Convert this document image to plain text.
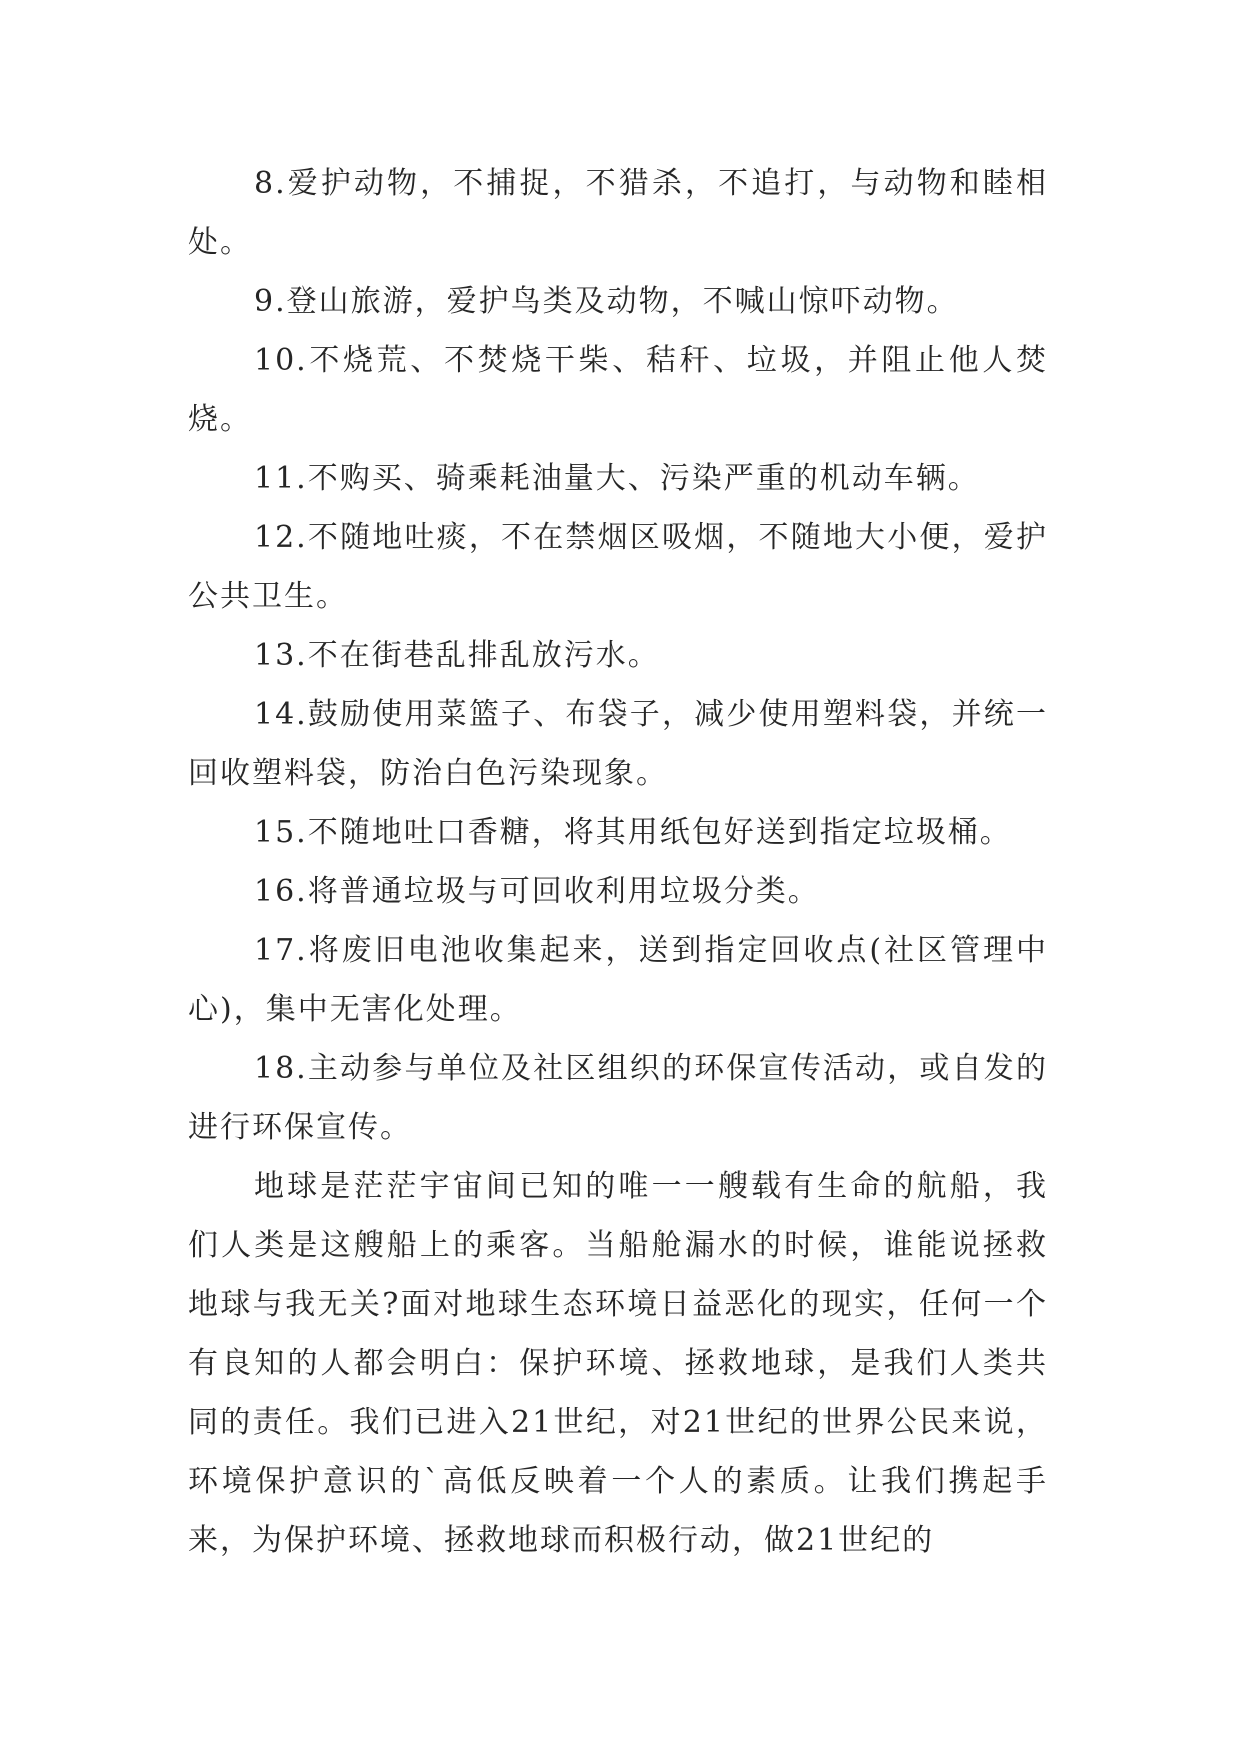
8.爱护动物，不捕捉，不猎杀，不追打，与动物和睦相处。

9.登山旅游，爱护鸟类及动物，不喊山惊吓动物。

10.不烧荒、不焚烧干柴、秸秆、垃圾，并阻止他人焚烧。

11.不购买、骑乘耗油量大、污染严重的机动车辆。

12.不随地吐痰，不在禁烟区吸烟，不随地大小便，爱护公共卫生。

13.不在街巷乱排乱放污水。

14.鼓励使用菜篮子、布袋子，减少使用塑料袋，并统一回收塑料袋，防治白色污染现象。

15.不随地吐口香糖，将其用纸包好送到指定垃圾桶。

16.将普通垃圾与可回收利用垃圾分类。

17.将废旧电池收集起来，送到指定回收点(社区管理中心)，集中无害化处理。

18.主动参与单位及社区组织的环保宣传活动，或自发的进行环保宣传。

地球是茫茫宇宙间已知的唯一一艘载有生命的航船，我们人类是这艘船上的乘客。当船舱漏水的时候，谁能说拯救地球与我无关?面对地球生态环境日益恶化的现实，任何一个有良知的人都会明白：保护环境、拯救地球，是我们人类共同的责任。我们已进入21世纪，对21世纪的世界公民来说，环境保护意识的`高低反映着一个人的素质。让我们携起手来，为保护环境、拯救地球而积极行动，做21世纪的
